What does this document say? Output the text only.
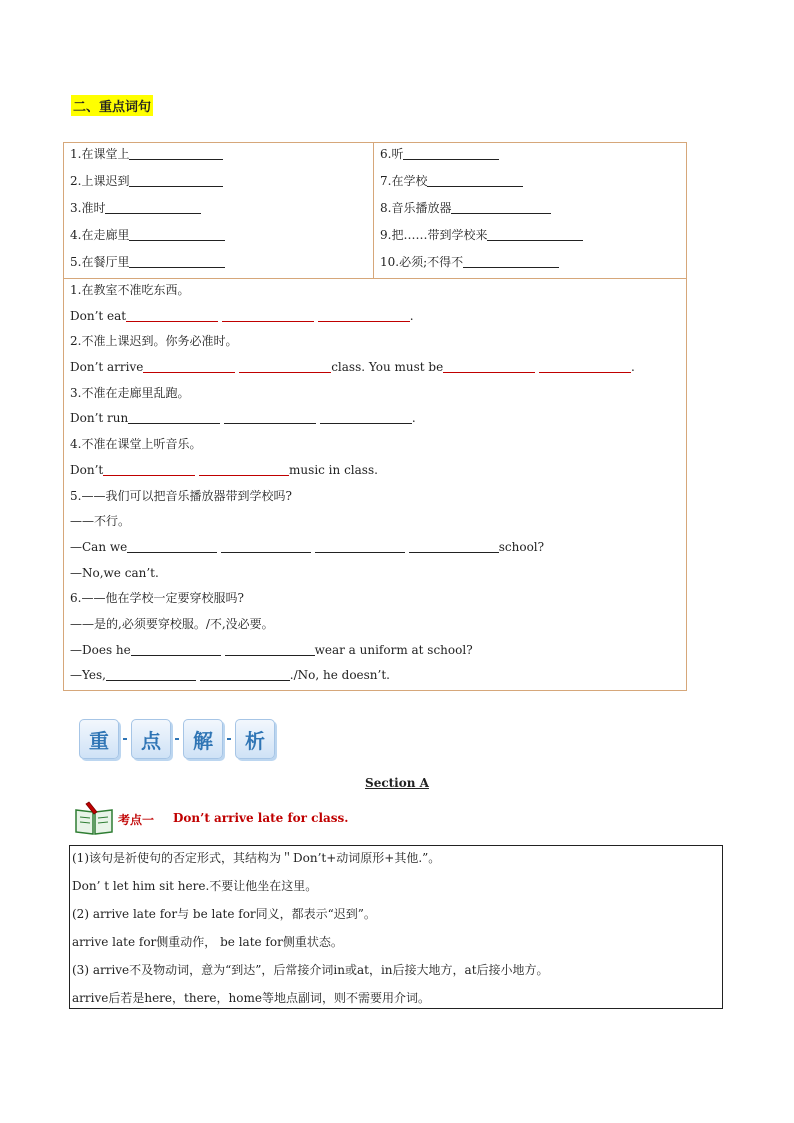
二、重点词句
1.在课堂上
2.上课迟到
3.准时
4.在走廊里
5.在餐厅里
6.听
7.在学校
8.音乐播放器
9.把……带到学校来
10.必须;不得不
1.在教室不准吃东西。
Don’t eat	.
2.不准上课迟到。你务必准时。
Don’t arrive	class. You must be	.
3.不准在走廊里乱跑。
Don’t run	.
4.不准在课堂上听音乐。
Don’t	music in class.
5.——我们可以把音乐播放器带到学校吗?
——不行。
—Can we	school?
—No,we can’t.
6.——他在学校一定要穿校服吗?
——是的,必须要穿校服。/不,没必要。
—Does he	wear a uniform at school?
—Yes,	./No, he doesn’t.
重	点	解	析
Section A
考点一 Don’t arrive late for class.
(1)该句是祈使句的否定形式，其结构为＂Don’t+动词原形+其他.”。
Don’ t let him sit here.不要让他坐在这里。
(2) arrive late for与 be late for同义，都表示“迟到”。
arrive late for侧重动作， be late for侧重状态。
(3) arrive不及物动词，意为“到达”，后常接介词in或at，in后接大地方，at后接小地方。
arrive后若是here，there，home等地点副词，则不需要用介词。
